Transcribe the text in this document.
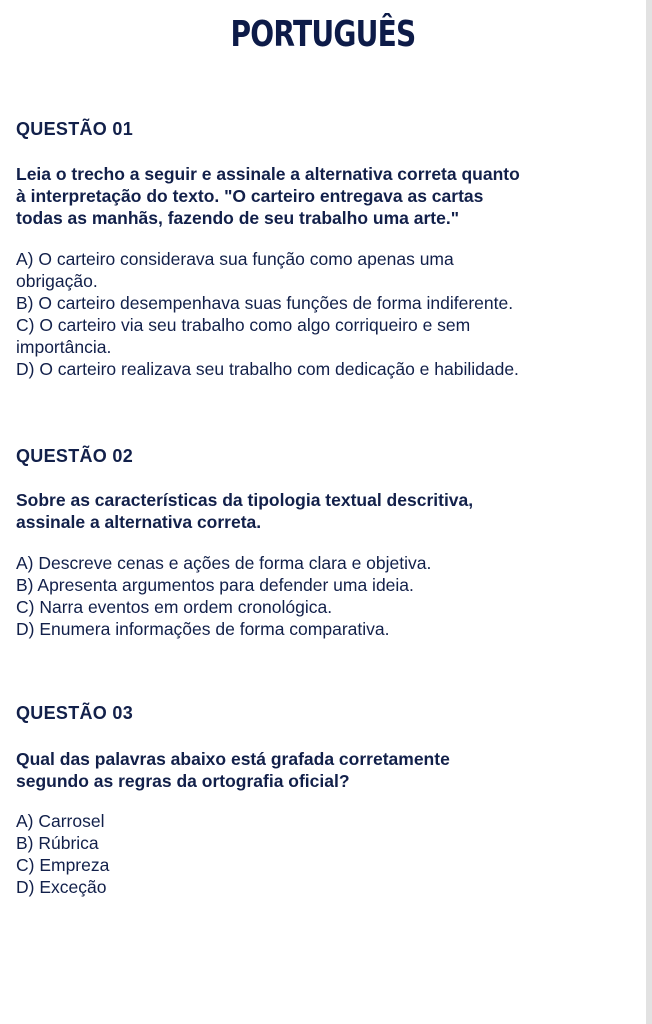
PORTUGUÊS

QUESTÃO 01

Leia o trecho a seguir e assinale a alternativa correta quanto
à interpretação do texto. "O carteiro entregava as cartas
todas as manhãs, fazendo de seu trabalho uma arte."

A) O carteiro considerava sua função como apenas uma
obrigação.
B) O carteiro desempenhava suas funções de forma indiferente.
C) O carteiro via seu trabalho como algo corriqueiro e sem
importância.
D) O carteiro realizava seu trabalho com dedicação e habilidade.

QUESTÃO 02

Sobre as características da tipologia textual descritiva,
assinale a alternativa correta.

A) Descreve cenas e ações de forma clara e objetiva.
B) Apresenta argumentos para defender uma ideia.
C) Narra eventos em ordem cronológica.
D) Enumera informações de forma comparativa.

QUESTÃO 03

Qual das palavras abaixo está grafada corretamente
segundo as regras da ortografia oficial?

A) Carrosel
B) Rúbrica
C) Empreza
D) Exceção
